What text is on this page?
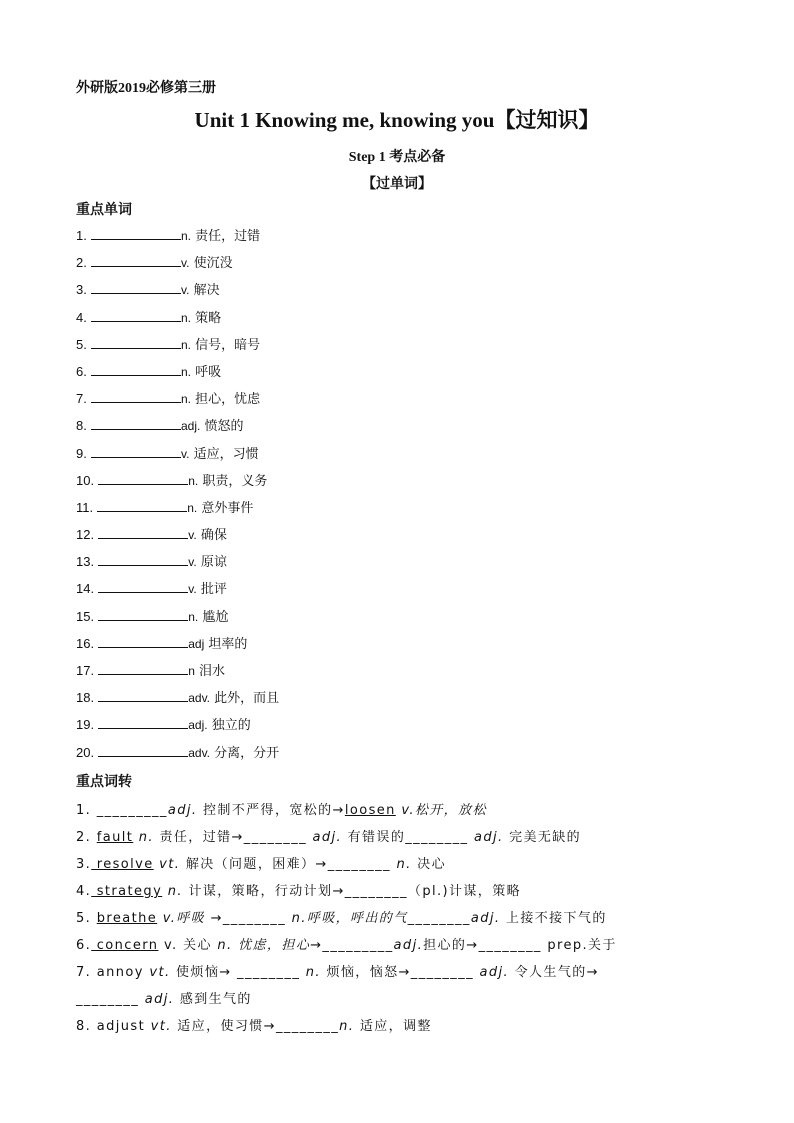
外研版2019必修第三册
Unit 1 Knowing me, knowing you【过知识】
Step 1 考点必备
【过单词】
重点单词
1.	n. 责任，过错
2.	v. 使沉没
3.	v. 解决
4.	n. 策略
5.	n. 信号，暗号
6.	n. 呼吸
7.	n. 担心，忧虑
8.	adj. 愤怒的
9.	v. 适应，习惯
10.	n. 职责，义务
11.	n. 意外事件
12.	v. 确保
13.	v. 原谅
14.	v. 批评
15.	n. 尴尬
16.	adj 坦率的
17.	n 泪水
18.	adv. 此外，而且
19.	adj. 独立的
20.	adv. 分离，分开
重点词转
1. _________adj. 控制不严得，宽松的→loosen v.松开，放松
2. fault n. 责任，过错→________ adj. 有错误的________ adj. 完美无缺的
3. resolve vt. 解决（问题，困难）→________ n. 决心
4. strategy n. 计谋，策略，行动计划→________（pl.)计谋，策略
5. breathe v.呼吸 →________ n.呼吸，呼出的气________adj. 上接不接下气的
6. concern v. 关心 n. 忧虑，担心→_________adj.担心的→________ prep.关于
7. annoy vt. 使烦恼→ ________ n. 烦恼，恼怒→________ adj. 令人生气的→
________ adj. 感到生气的
8. adjust vt. 适应，使习惯→________n. 适应，调整
